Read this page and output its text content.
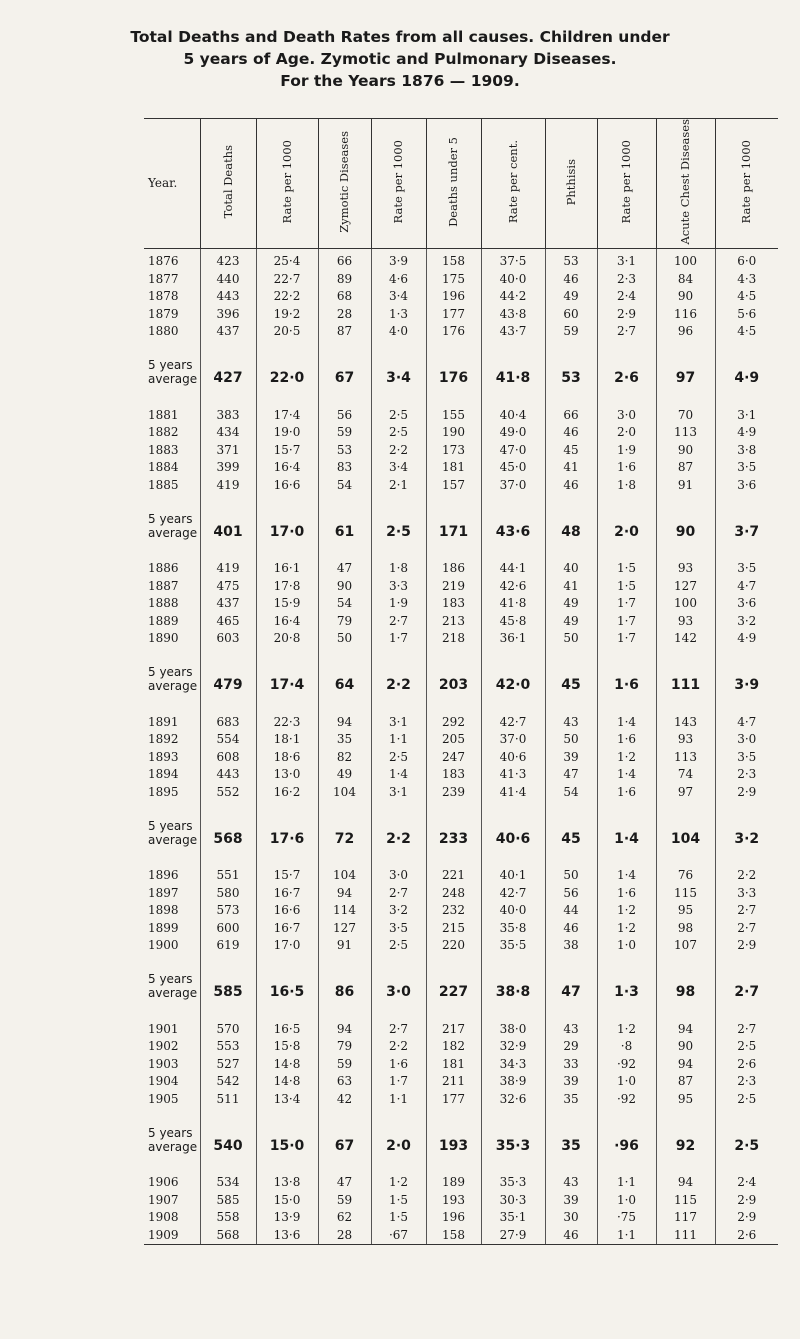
Total Deaths and Death Rates from all causes. Children under
5 years of Age. Zymotic and Pulmonary Diseases.
For the Years 1876 — 1909.
Year.	Total Deaths	Rate per 1000	Zymotic Diseases	Rate per 1000	Deaths under 5	Rate per cent.	Phthisis	Rate per 1000	Acute Chest Diseases	Rate per 1000
1876	423	25·4	66	3·9	158	37·5	53	3·1	100	6·0
1877	440	22·7	89	4·6	175	40·0	46	2·3	84	4·3
1878	443	22·2	68	3·4	196	44·2	49	2·4	90	4·5
1879	396	19·2	28	1·3	177	43·8	60	2·9	116	5·6
1880	437	20·5	87	4·0	176	43·7	59	2·7	96	4·5
5 years average	427	22·0	67	3·4	176	41·8	53	2·6	97	4·9

1881	383	17·4	56	2·5	155	40·4	66	3·0	70	3·1
1882	434	19·0	59	2·5	190	49·0	46	2·0	113	4·9
1883	371	15·7	53	2·2	173	47·0	45	1·9	90	3·8
1884	399	16·4	83	3·4	181	45·0	41	1·6	87	3·5
1885	419	16·6	54	2·1	157	37·0	46	1·8	91	3·6
5 years average	401	17·0	61	2·5	171	43·6	48	2·0	90	3·7

1886	419	16·1	47	1·8	186	44·1	40	1·5	93	3·5
1887	475	17·8	90	3·3	219	42·6	41	1·5	127	4·7
1888	437	15·9	54	1·9	183	41·8	49	1·7	100	3·6
1889	465	16·4	79	2·7	213	45·8	49	1·7	93	3·2
1890	603	20·8	50	1·7	218	36·1	50	1·7	142	4·9
5 years average	479	17·4	64	2·2	203	42·0	45	1·6	111	3·9

1891	683	22·3	94	3·1	292	42·7	43	1·4	143	4·7
1892	554	18·1	35	1·1	205	37·0	50	1·6	93	3·0
1893	608	18·6	82	2·5	247	40·6	39	1·2	113	3·5
1894	443	13·0	49	1·4	183	41·3	47	1·4	74	2·3
1895	552	16·2	104	3·1	239	41·4	54	1·6	97	2·9
5 years average	568	17·6	72	2·2	233	40·6	45	1·4	104	3·2

1896	551	15·7	104	3·0	221	40·1	50	1·4	76	2·2
1897	580	16·7	94	2·7	248	42·7	56	1·6	115	3·3
1898	573	16·6	114	3·2	232	40·0	44	1·2	95	2·7
1899	600	16·7	127	3·5	215	35·8	46	1·2	98	2·7
1900	619	17·0	91	2·5	220	35·5	38	1·0	107	2·9
5 years average	585	16·5	86	3·0	227	38·8	47	1·3	98	2·7

1901	570	16·5	94	2·7	217	38·0	43	1·2	94	2·7
1902	553	15·8	79	2·2	182	32·9	29	·8	90	2·5
1903	527	14·8	59	1·6	181	34·3	33	·92	94	2·6
1904	542	14·8	63	1·7	211	38·9	39	1·0	87	2·3
1905	511	13·4	42	1·1	177	32·6	35	·92	95	2·5
5 years average	540	15·0	67	2·0	193	35·3	35	·96	92	2·5

1906	534	13·8	47	1·2	189	35·3	43	1·1	94	2·4
1907	585	15·0	59	1·5	193	30·3	39	1·0	115	2·9
1908	558	13·9	62	1·5	196	35·1	30	·75	117	2·9
1909	568	13·6	28	·67	158	27·9	46	1·1	111	2·6
